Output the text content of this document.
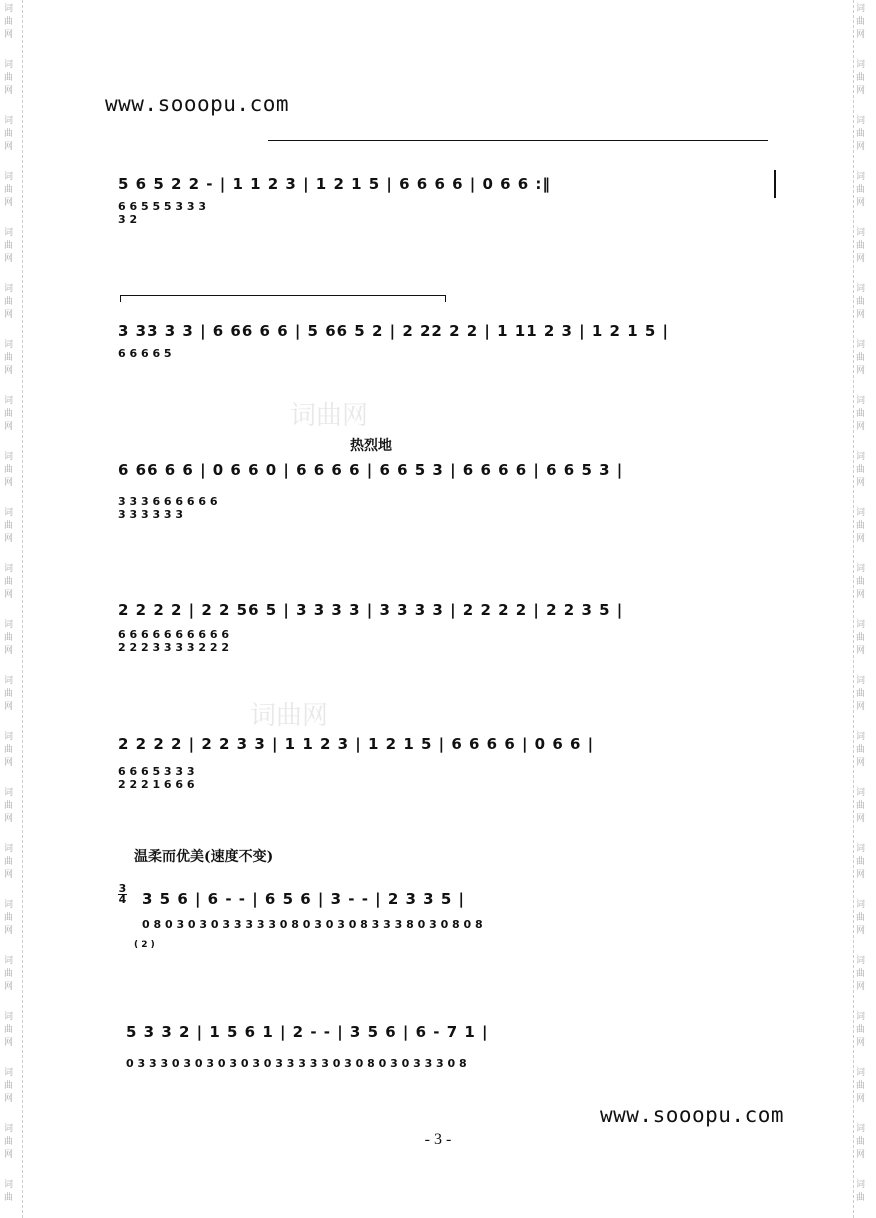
词
曲
网
词
曲
网
词
曲
网
词
曲
网
词
曲
网
词
曲
网
词
曲
网
词
曲
网
词
曲
网
词
曲
网
词
曲
网
词
曲
网
词
曲
网
词
曲
网
词
曲
网
词
曲
网
词
曲
网
词
曲
网
词
曲
网
词
曲
网
词
曲
网
词
曲
词
曲
网
词
曲
网
词
曲
网
词
曲
网
词
曲
网
词
曲
网
词
曲
网
词
曲
网
词
曲
网
词
曲
网
词
曲
网
词
曲
网
词
曲
网
词
曲
网
词
曲
网
词
曲
网
词
曲
网
词
曲
网
词
曲
网
词
曲
网
词
曲
网
词
曲
www.sooopu.com
词曲网
词曲网
5 6 5 2 2 - | 1 1 2 3 | 1 2 1 5 | 6 6 6 6 | 0 6 6 :‖
6 6 5 5 5 3 3 3
3 2
3 33 3 3 | 6 66 6 6 | 5 66 5 2 | 2 22 2 2 | 1 11 2 3 | 1 2 1 5 |
6 6 6 6 5
热烈地
6 66 6 6 | 0 6 6 0 | 6 6 6 6 | 6 6 5 3 | 6 6 6 6 | 6 6 5 3 |
3 3 3 6 6 6 6 6 6
3 3 3 3 3 3
2 2 2 2 | 2 2 56 5 | 3 3 3 3 | 3 3 3 3 | 2 2 2 2 | 2 2 3 5 |
6 6 6 6 6 6 6 6 6 6
2 2 2 3 3 3 3 2 2 2
2 2 2 2 | 2 2 3 3 | 1 1 2 3 | 1 2 1 5 | 6 6 6 6 | 0 6 6 |
6 6 6 5 3 3 3
2 2 2 1 6 6 6
温柔而优美(速度不变)
3
4 3 5 6 | 6 - - | 6 5 6 | 3 - - | 2 3 3 5 |
0 8 0 3 0 3 0 3 3 3 3 3 0 8 0 3 0 3 0 8 3 3 3 8 0 3 0 8 0 8
( 2 )
5 3 3 2 | 1 5 6 1 | 2 - - | 3 5 6 | 6 - 7 1 |
0 3 3 3 0 3 0 3 0 3 0 3 0 3 3 3 3 3 0 3 0 8 0 3 0 3 3 3 0 8
www.sooopu.com
- 3 -
